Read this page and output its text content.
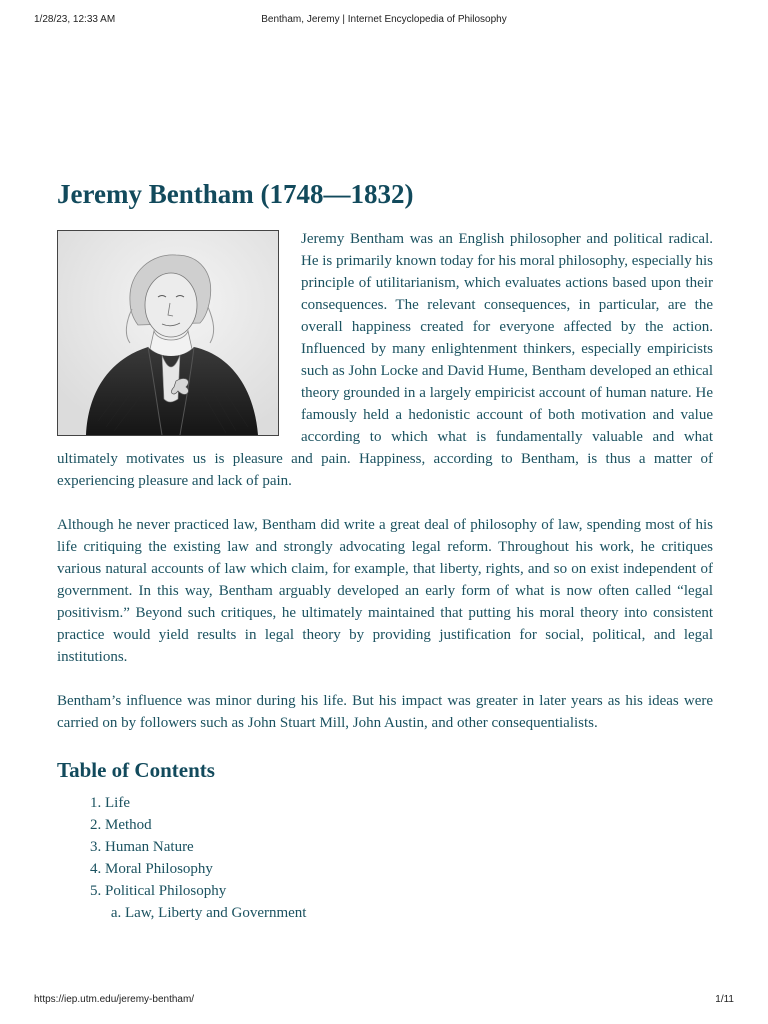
1/28/23, 12:33 AM	Bentham, Jeremy | Internet Encyclopedia of Philosophy
Jeremy Bentham (1748—1832)

Jeremy Bentham was an English philosopher and political radical. He is primarily known today for his moral philosophy, especially his principle of utilitarianism, which evaluates actions based upon their consequences. The relevant consequences, in particular, are the overall happiness created for everyone affected by the action. Influenced by many enlightenment thinkers, especially empiricists such as John Locke and David Hume, Bentham developed an ethical theory grounded in a largely empiricist account of human nature. He famously held a hedonistic account of both motivation and value according to which what is fundamentally valuable and what ultimately motivates us is pleasure and pain. Happiness, according to Bentham, is thus a matter of experiencing pleasure and lack of pain.

Although he never practiced law, Bentham did write a great deal of philosophy of law, spending most of his life critiquing the existing law and strongly advocating legal reform. Throughout his work, he critiques various natural accounts of law which claim, for example, that liberty, rights, and so on exist independent of government. In this way, Bentham arguably developed an early form of what is now often called “legal positivism.” Beyond such critiques, he ultimately maintained that putting his moral theory into consistent practice would yield results in legal theory by providing justification for social, political, and legal institutions.

Bentham’s influence was minor during his life. But his impact was greater in later years as his ideas were carried on by followers such as John Stuart Mill, John Austin, and other consequentialists.

Table of Contents
1. Life
2. Method
3. Human Nature
4. Moral Philosophy
5. Political Philosophy
a. Law, Liberty and Government
https://iep.utm.edu/jeremy-bentham/	1/11
